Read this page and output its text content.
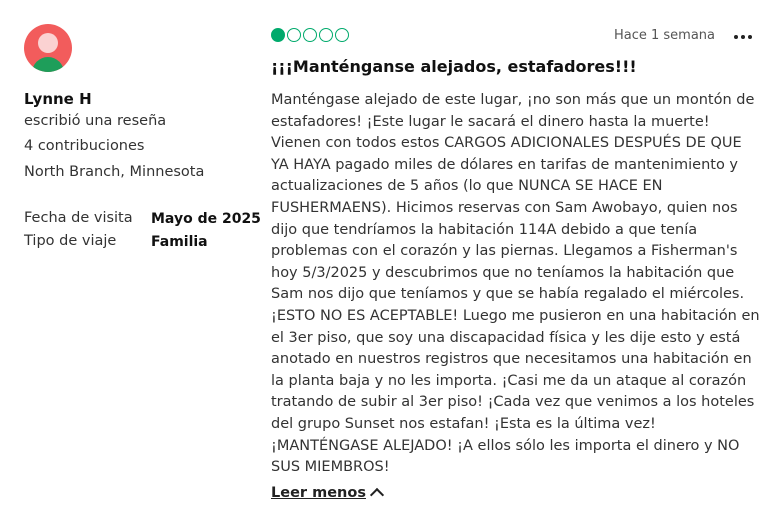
Lynne H
escribió una reseña
4 contribuciones
North Branch, Minnesota
Fecha de visita Mayo de 2025
Tipo de viaje Familia
Hace 1 semana
¡¡¡Manténganse alejados, estafadores!!!

Manténgase alejado de este lugar, ¡no son más que un montón de estafadores! ¡Este lugar le sacará el dinero hasta la muerte! Vienen con todos estos CARGOS ADICIONALES DESPUÉS DE QUE YA HAYA pagado miles de dólares en tarifas de mantenimiento y actualizaciones de 5 años (lo que NUNCA SE HACE EN FUSHERMAENS). Hicimos reservas con Sam Awobayo, quien nos dijo que tendríamos la habitación 114A debido a que tenía problemas con el corazón y las piernas. Llegamos a Fisherman's hoy 5/3/2025 y descubrimos que no teníamos la habitación que Sam nos dijo que teníamos y que se había regalado el miércoles. ¡ESTO NO ES ACEPTABLE! Luego me pusieron en una habitación en el 3er piso, que soy una discapacidad física y les dije esto y está anotado en nuestros registros que necesitamos una habitación en la planta baja y no les importa. ¡Casi me da un ataque al corazón tratando de subir al 3er piso! ¡Cada vez que venimos a los hoteles del grupo Sunset nos estafan! ¡Esta es la última vez! ¡MANTÉNGASE ALEJADO! ¡A ellos sólo les importa el dinero y NO SUS MIEMBROS!

Leer menos
